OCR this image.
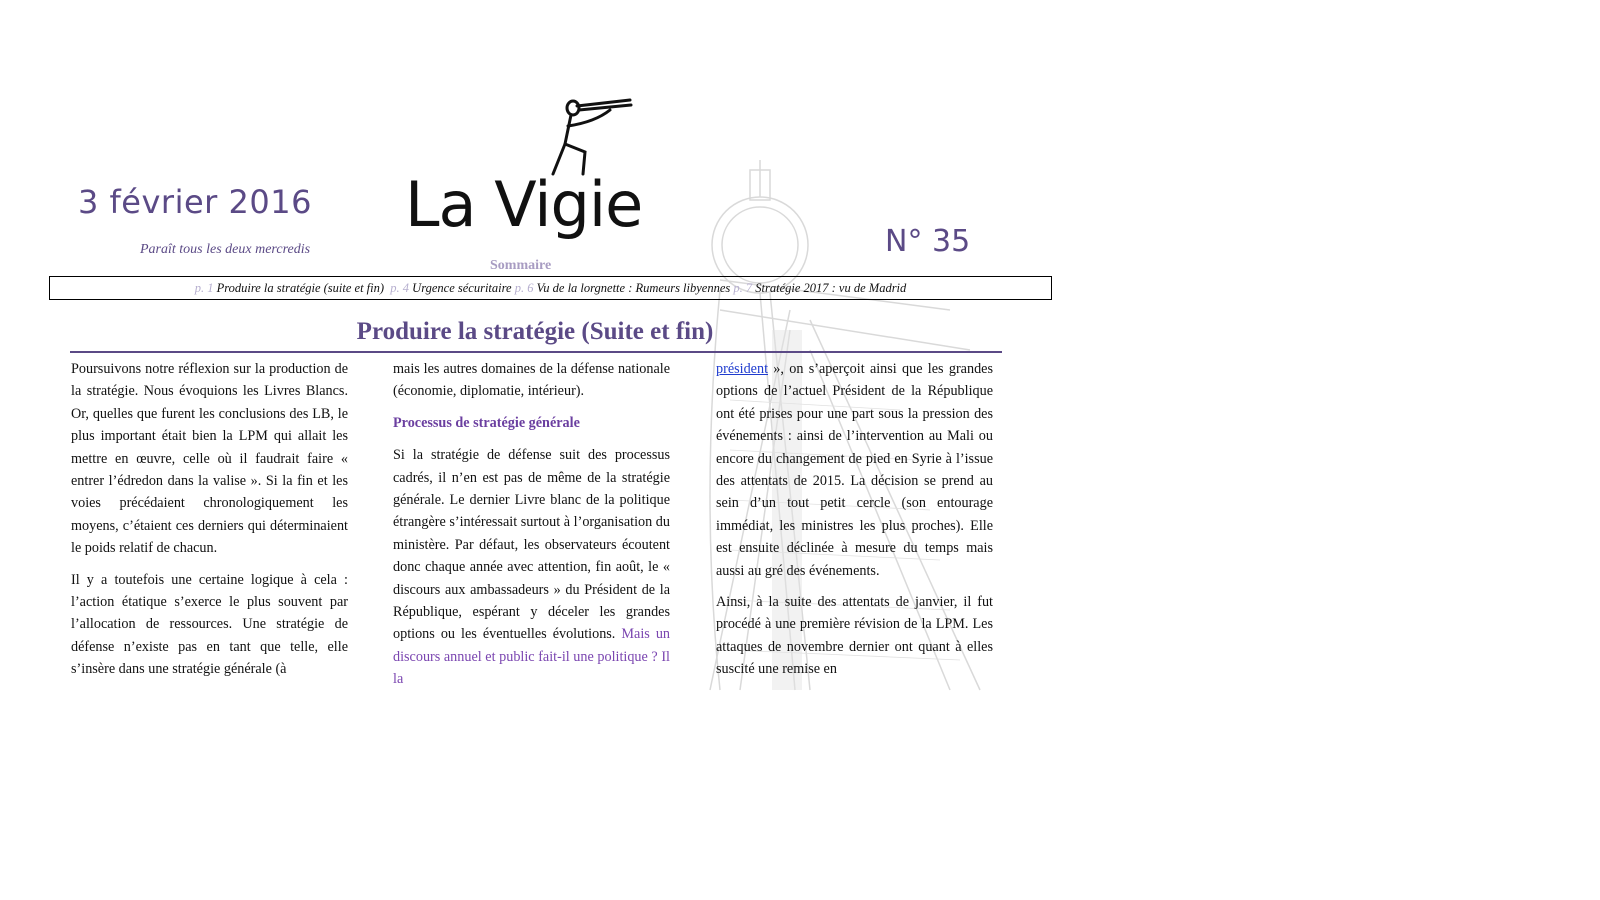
3 février 2016
Paraît tous les deux mercredis
La Vigie
N° 35
Sommaire
p. 1 Produire la stratégie (suite et fin) p. 4 Urgence sécuritaire p. 6 Vu de la lorgnette : Rumeurs libyennes p. 7 Stratégie 2017 : vu de Madrid
Produire la stratégie (Suite et fin)

Poursuivons notre réflexion sur la production de la stratégie. Nous évoquions les Livres Blancs. Or, quelles que furent les conclusions des LB, le plus important était bien la LPM qui allait les mettre en œuvre, celle où il faudrait faire « entrer l’édredon dans la valise ». Si la fin et les voies précédaient chronologiquement les moyens, c’étaient ces derniers qui déterminaient le poids relatif de chacun.

Il y a toutefois une certaine logique à cela : l’action étatique s’exerce le plus souvent par l’allocation de ressources. Une stratégie de défense n’existe pas en tant que telle, elle s’insère dans une stratégie générale (à

mais les autres domaines de la défense nationale (économie, diplomatie, intérieur).

Processus de stratégie générale

Si la stratégie de défense suit des processus cadrés, il n’en est pas de même de la stratégie générale. Le dernier Livre blanc de la politique étrangère s’intéressait surtout à l’organisation du ministère. Par défaut, les observateurs écoutent donc chaque année avec attention, fin août, le « discours aux ambassadeurs » du Président de la République, espérant y déceler les grandes options ou les éventuelles évolutions. Mais un discours annuel et public fait-il une politique ? Il la

président », on s’aperçoit ainsi que les grandes options de l’actuel Président de la République ont été prises pour une part sous la pression des événements : ainsi de l’intervention au Mali ou encore du changement de pied en Syrie à l’issue des attentats de 2015. La décision se prend au sein d’un tout petit cercle (son entourage immédiat, les ministres les plus proches). Elle est ensuite déclinée à mesure du temps mais aussi au gré des événements.

Ainsi, à la suite des attentats de janvier, il fut procédé à une première révision de la LPM. Les attaques de novembre dernier ont quant à elles suscité une remise en
